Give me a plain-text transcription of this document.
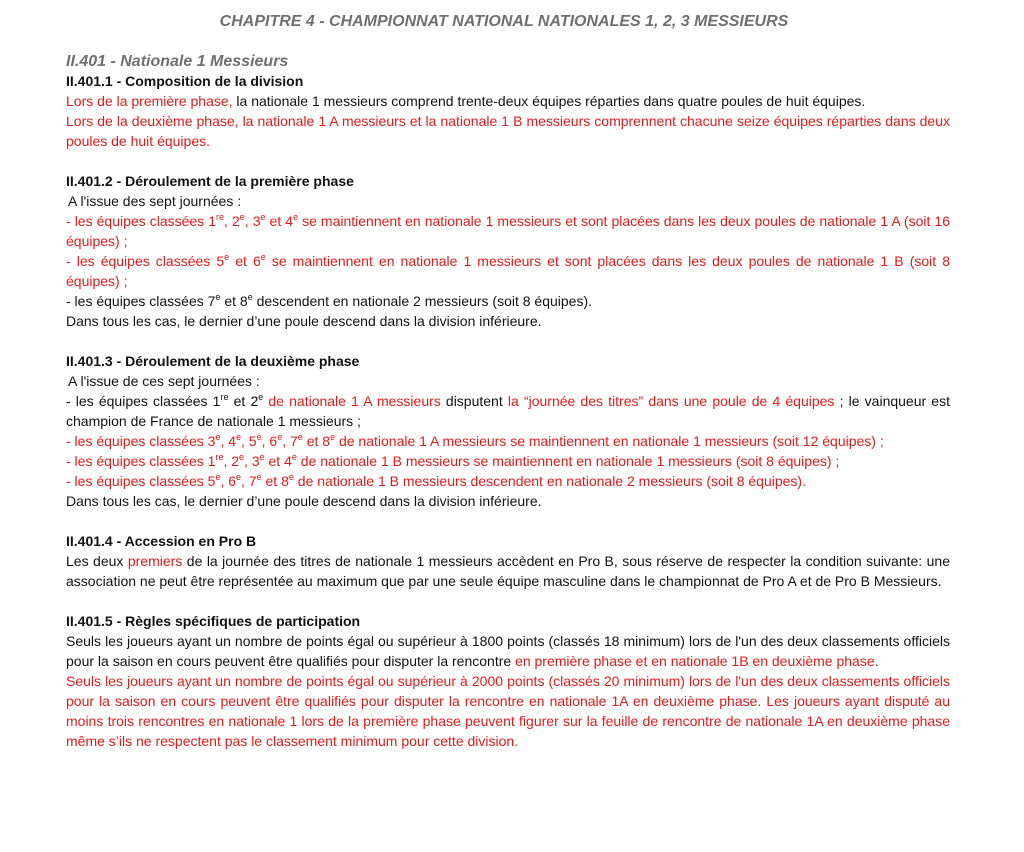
CHAPITRE 4 - CHAMPIONNAT NATIONAL NATIONALES 1, 2, 3 MESSIEURS
II.401 - Nationale 1 Messieurs
II.401.1 - Composition de la division
Lors de la première phase, la nationale 1 messieurs comprend trente-deux équipes réparties dans quatre poules de huit équipes.
Lors de la deuxième phase, la nationale 1 A messieurs et la nationale 1 B messieurs comprennent chacune seize équipes réparties dans deux poules de huit équipes.
II.401.2 - Déroulement de la première phase
A l'issue des sept journées :
- les équipes classées 1re, 2e, 3e et 4e se maintiennent en nationale 1 messieurs et sont placées dans les deux poules de nationale 1 A (soit 16 équipes) ;
- les équipes classées 5e et 6e se maintiennent en nationale 1 messieurs et sont placées dans les deux poules de nationale 1 B (soit 8 équipes) ;
- les équipes classées 7e et 8e descendent en nationale 2 messieurs (soit 8 équipes).
Dans tous les cas, le dernier d’une poule descend dans la division inférieure.
II.401.3 - Déroulement de la deuxième phase
A l'issue de ces sept journées :
- les équipes classées 1re et 2e de nationale 1 A messieurs disputent la “journée des titres” dans une poule de 4 équipes ; le vainqueur est champion de France de nationale 1 messieurs ;
- les équipes classées 3e, 4e, 5e, 6e, 7e et 8e de nationale 1 A messieurs se maintiennent en nationale 1 messieurs (soit 12 équipes) ;
- les équipes classées 1re, 2e, 3e et 4e de nationale 1 B messieurs se maintiennent en nationale 1 messieurs (soit 8 équipes) ;
- les équipes classées 5e, 6e, 7e et 8e de nationale 1 B messieurs descendent en nationale 2 messieurs (soit 8 équipes).
Dans tous les cas, le dernier d’une poule descend dans la division inférieure.
II.401.4 - Accession en Pro B
Les deux premiers de la journée des titres de nationale 1 messieurs accèdent en Pro B, sous réserve de respecter la condition suivante: une association ne peut être représentée au maximum que par une seule équipe masculine dans le championnat de Pro A et de Pro B Messieurs.
II.401.5 - Règles spécifiques de participation
Seuls les joueurs ayant un nombre de points égal ou supérieur à 1800 points (classés 18 minimum) lors de l'un des deux classements officiels pour la saison en cours peuvent être qualifiés pour disputer la rencontre en première phase et en nationale 1B en deuxième phase.
Seuls les joueurs ayant un nombre de points égal ou supérieur à 2000 points (classés 20 minimum) lors de l'un des deux classements officiels pour la saison en cours peuvent être qualifiés pour disputer la rencontre en nationale 1A en deuxième phase. Les joueurs ayant disputé au moins trois rencontres en nationale 1 lors de la première phase peuvent figurer sur la feuille de rencontre de nationale 1A en deuxième phase même s’ils ne respectent pas le classement minimum pour cette division.
